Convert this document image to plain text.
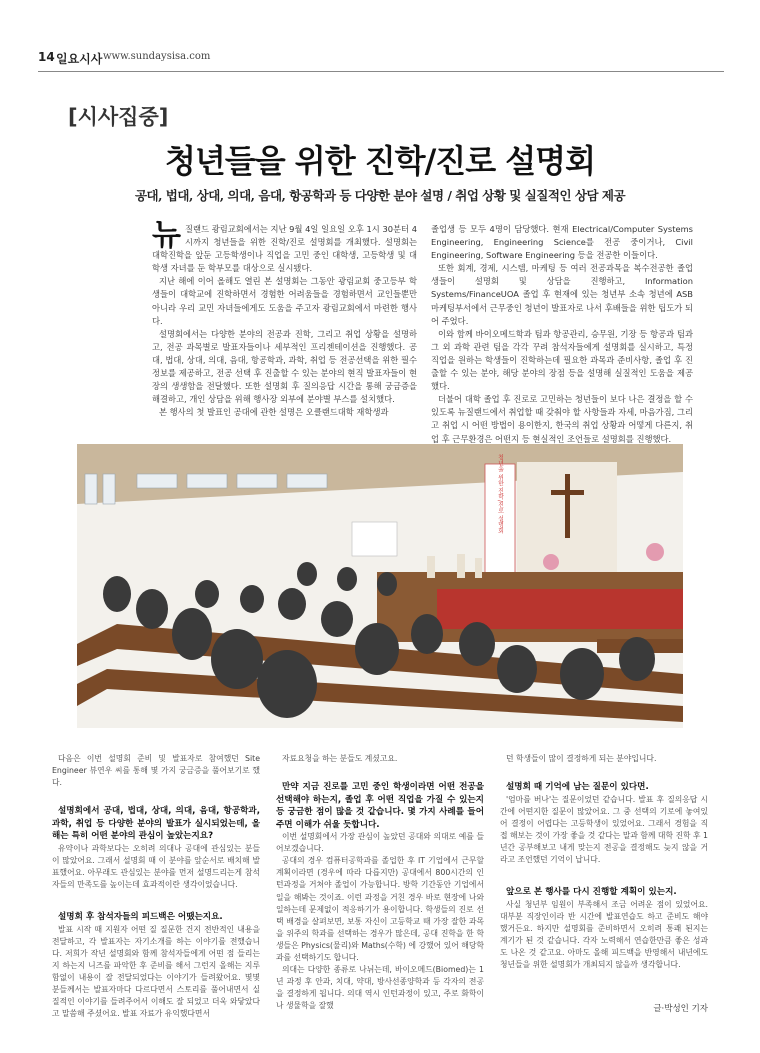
14 일요시사 www.sundaysisa.com
[시사집중]
청년들을 위한 진학/진로 설명회
공대, 법대, 상대, 의대, 음대, 항공학과 등 다양한 분야 설명 / 취업 상황 및 실질적인 상담 제공

뉴질랜드 광림교회에서는 지난 9월 4일 일요일 오후 1시 30분터 4시까지 청년들을 위한 진학/진로 설명회를 개최했다. 설명회는 대학진학을 앞둔 고등학생이나 직업을 고민 중인 대학생, 고등학생 및 대학생 자녀를 둔 학부모를 대상으로 실시됐다.

지난 해에 이어 올해도 열린 본 설명회는 그동안 광림교회 중고등부 학생들이 대학교에 진학하면서 경험한 어려움들을 경험하면서 교인들뿐만 아니라 우리 교민 자녀들에게도 도움을 주고자 광림교회에서 마련한 행사다.

설명회에서는 다양한 분야의 전공과 진학, 그리고 취업 상황을 설명하고, 전공 과목별로 발표자들이나 세부적인 프리젠테이션을 진행했다. 공대, 법대, 상대, 의대, 음대, 항공학과, 과학, 취업 등 전공선택을 위한 필수 정보를 제공하고, 전공 선택 후 진출할 수 있는 분야의 현직 발표자들이 현장의 생생함을 전달했다. 또한 설명회 후 질의응답 시간을 통해 궁금증을 해결하고, 개인 상담을 위해 행사장 외부에 분야별 부스를 설치했다.

본 행사의 첫 발표인 공대에 관한 설명은 오클랜드대학 재학생과

졸업생 등 모두 4명이 담당했다. 현재 Electrical/Computer Systems Engineering, Engineering Science를 전공 중이거나, Civil Engineering, Software Engineering 등을 전공한 이들이다.

또한 회계, 경제, 시스템, 마케팅 등 여러 전공과목을 복수전공한 졸업생들이 설명회 및 상담을 진행하고, Information Systems/FinanceUOA 졸업 후 현재에 있는 청년부 소속 청년에 ASB 마케팅부서에서 근무중인 청년이 발표자로 나서 후배들을 위한 팁도가 되어 주었다.

이와 함께 바이오메드학과 팀과 항공관리, 승무원, 기장 등 항공과 팀과 그 외 과학 관련 팀을 각각 꾸려 참석자들에게 설명회를 실시하고, 특정 직업을 원하는 학생들이 진학하는데 필요한 과목과 준비사항, 졸업 후 진출할 수 있는 분야, 해당 분야의 장점 등을 설명해 실질적인 도움을 제공했다.

더불어 대학 졸업 후 진로로 고민하는 청년들이 보다 나은 결정을 할 수 있도록 뉴질랜드에서 취업할 때 갖춰야 할 사항들과 자세, 마음가짐, 그리고 취업 시 어떤 방법이 용이한지, 한국의 취업 상황과 어떻게 다른지, 취업 후 근무환경은 어떤지 등 현실적인 조언들로 설명회를 진행했다.

청년을 위한 진학/진로 설명회

다음은 이번 설명회 준비 및 발표자로 참여했던 Site Engineer 뷰연우 씨를 통해 몇 가지 궁금증을 풀어보기로 했다.

설명회에서 공대, 법대, 상대, 의대, 음대, 항공학과, 과학, 취업 등 다양한 분야의 발표가 실시되었는데, 올해는 특히 어떤 분야의 관심이 높았는지요?

유약이나 과학보다는 오히려 의대나 공대에 관심있는 분들이 많았어요. 그래서 설명회 때 이 분야를 앞순서로 배치해 발표했어요. 아무래도 관심있는 분야를 먼저 설명드리는게 참석자들의 만족도를 높이는데 효과적이란 생각이었습니다.

설명회 후 참석자들의 피드백은 어땠는지요.

발표 시작 때 지원자 어떤 질 질문한 건지 전반적인 내용을 전달하고, 각 발표자는 자기소개를 하는 이야기를 전했습니다. 저희가 작년 설명회와 함께 참석자들에게 어떤 점 들리는지 하는지 니즈를 파악한 후 준비를 해서 그런지 올해는 지루함없이 내용이 잘 전달되었다는 이야기가 들려왔어요. 몇몇 분들께서는 발표자마다 다르다면서 스토리를 풀어내면서 실질적인 이야기를 들려주어서 이해도 잘 되었고 더욱 와닿았다고 말씀해 주셨어요. 발표 자료가 유익했다면서

자료요청을 하는 분들도 계셨고요.

만약 지금 진로를 고민 중인 학생이라면 어떤 전공을 선택해야 하는지, 졸업 후 어떤 직업을 가질 수 있는지 등 궁금한 점이 많을 것 같습니다. 몇 가지 사례를 들어주면 이해가 쉬울 듯합니다.

이번 설명회에서 가장 관심이 높았던 공대와 의대로 예를 들어보겠습니다.

공대의 경우 컴퓨터공학과를 졸업한 후 IT 기업에서 근무할 계획이라면 (경우에 따라 다릅지만) 공대에서 800시간의 인턴과정을 거쳐야 졸업이 가능합니다. 방학 기간동안 기업에서 일을 해봐는 것이죠. 이런 과정을 거친 경우 바로 현장에 나와 일하는데 문제없이 적응하기가 용이합니다. 학생들의 진로 선택 배경을 살펴보면, 보통 자신이 고등학교 때 가장 잘한 과목을 위주의 학과를 선택하는 경우가 많은데, 공대 진학을 한 학생들은 Physics(물리)와 Maths(수학) 에 강했어 있어 해당학과를 선택하기도 합니다.

의대는 다양한 종류로 나뉘는데, 바이오메드(Biomed)는 1년 과정 후 안과, 치대, 약대, 방사선종양학과 등 각자의 전공을 결정하게 됩니다. 의대 역시 인턴과정이 있고, 주로 화학이나 생물학을 잘했

던 학생들이 많이 결정하게 되는 분야입니다.

설명회 때 기억에 남는 질문이 있다면.

'엄마를 버나'는 질문이었던 같습니다. 발표 후 질의응답 시간에 어떤지한 질문이 많았어요. 그 중 선택의 기로에 놓여있어 결정이 어렵다는 고등학생이 있었어요. 그래서 경험을 직접 해보는 것이 가장 좋을 것 같다는 말과 함께 대학 진학 후 1년간 공부해보고 내게 맞는지 전공을 결정해도 늦지 않을 거라고 조언했던 기억이 납니다.

앞으로 본 행사를 다시 진행할 계획이 있는지.

사실 청년부 임원이 부족해서 조금 어려운 점이 있었어요. 대부분 직장인이라 반 시간에 발표연습도 하고 준비도 해야 했거든요. 하지만 설명회를 준비하면서 오히려 통쾌 된지는 계기가 된 것 같습니다. 각자 노력해서 연습한만큼 좋은 성과도 나온 것 같고요. 아마도 올해 피드백을 반영해서 내년에도 청년들을 위한 설명회가 개최되지 않을까 생각합니다.

글·박성인 기자
